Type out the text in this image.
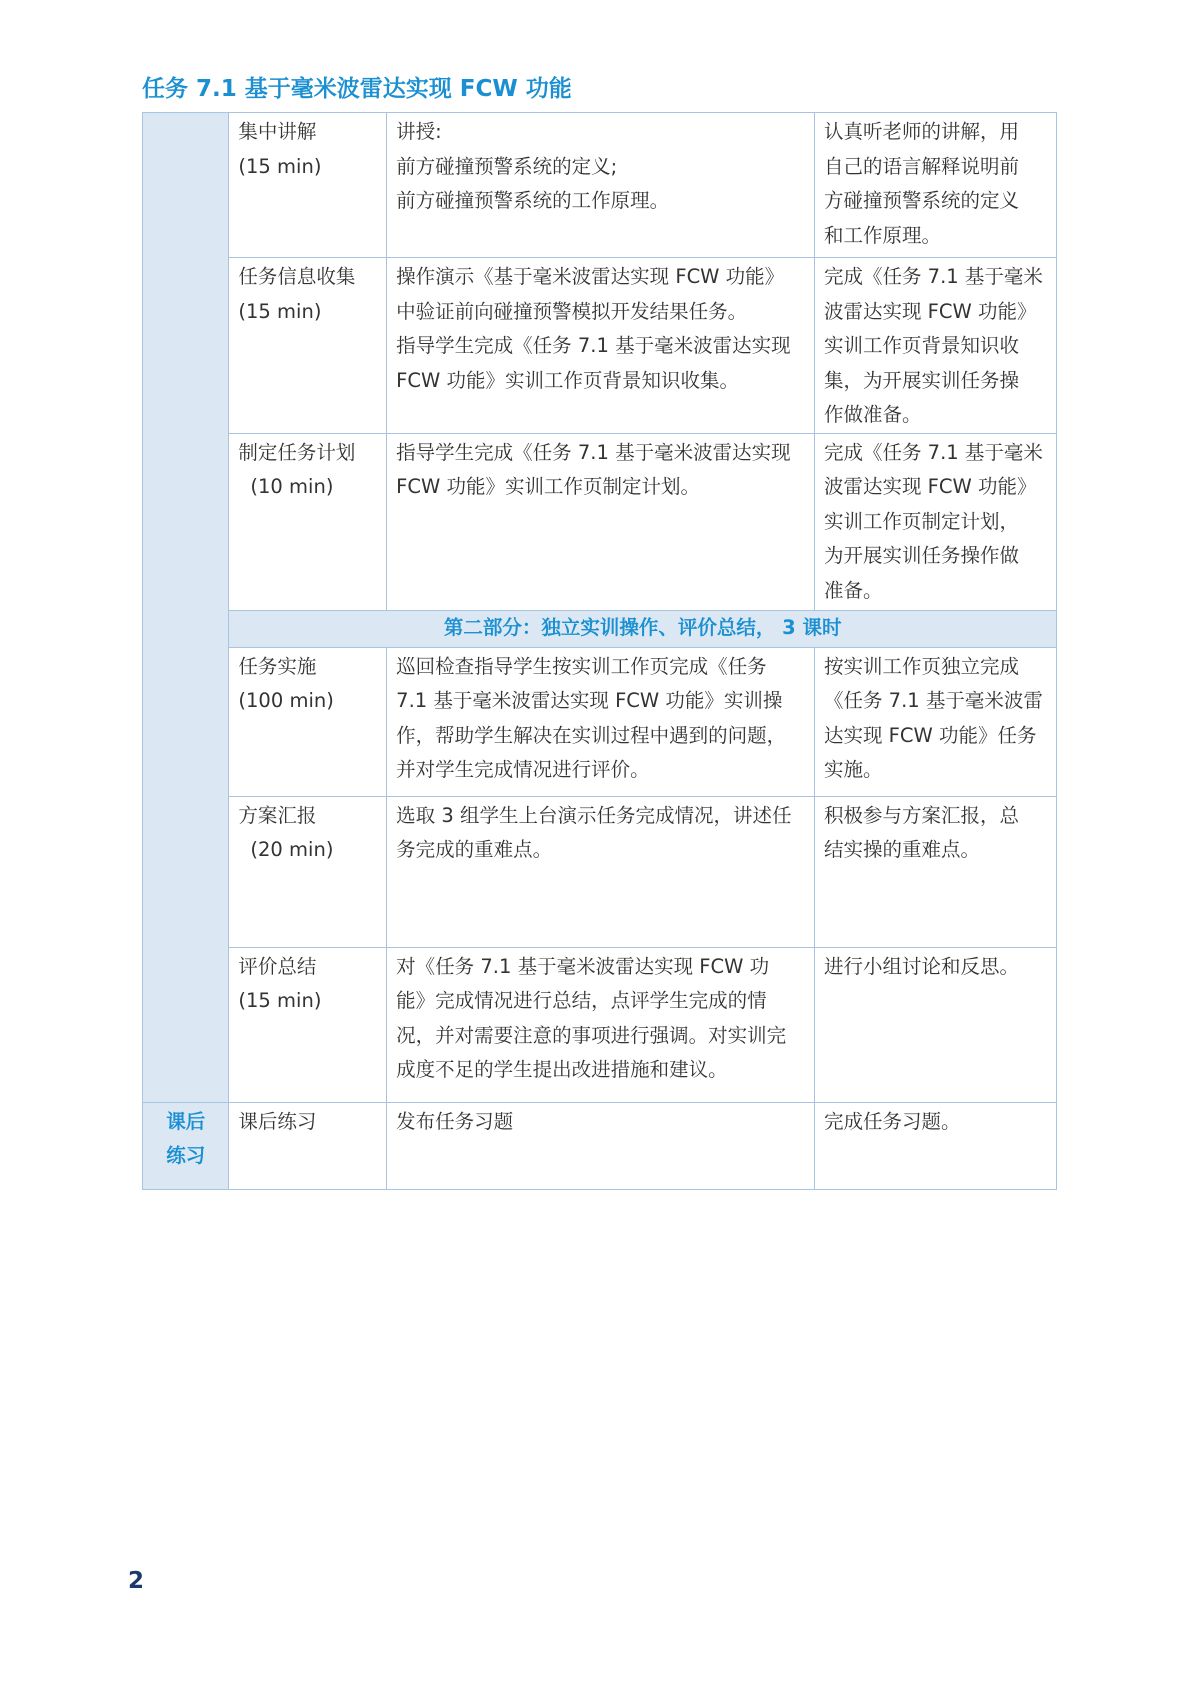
任务 7.1 基于毫米波雷达实现 FCW 功能

	集中讲解
(15 min)	讲授:
前方碰撞预警系统的定义;
前方碰撞预警系统的工作原理。	认真听老师的讲解，用
自己的语言解释说明前
方碰撞预警系统的定义
和工作原理。

	任务信息收集
(15 min)	操作演示《基于毫米波雷达实现 FCW 功能》
中验证前向碰撞预警模拟开发结果任务。
指导学生完成《任务 7.1 基于毫米波雷达实现
FCW 功能》实训工作页背景知识收集。	完成《任务 7.1 基于毫米
波雷达实现 FCW 功能》
实训工作页背景知识收
集，为开展实训任务操
作做准备。

	制定任务计划
(10 min)	指导学生完成《任务 7.1 基于毫米波雷达实现
FCW 功能》实训工作页制定计划。	完成《任务 7.1 基于毫米
波雷达实现 FCW 功能》
实训工作页制定计划，
为开展实训任务操作做
准备。

	第二部分：独立实训操作、评价总结， 3 课时		

	任务实施
(100 min)	巡回检查指导学生按实训工作页完成《任务
7.1 基于毫米波雷达实现 FCW 功能》实训操
作，帮助学生解决在实训过程中遇到的问题，
并对学生完成情况进行评价。	按实训工作页独立完成
《任务 7.1 基于毫米波雷
达实现 FCW 功能》任务
实施。

	方案汇报
(20 min)	选取 3 组学生上台演示任务完成情况，讲述任
务完成的重难点。	积极参与方案汇报，总
结实操的重难点。

	评价总结
(15 min)	对《任务 7.1 基于毫米波雷达实现 FCW 功
能》完成情况进行总结，点评学生完成的情
况，并对需要注意的事项进行强调。对实训完
成度不足的学生提出改进措施和建议。	进行小组讨论和反思。

课后
练习	课后练习	发布任务习题	完成任务习题。
2
